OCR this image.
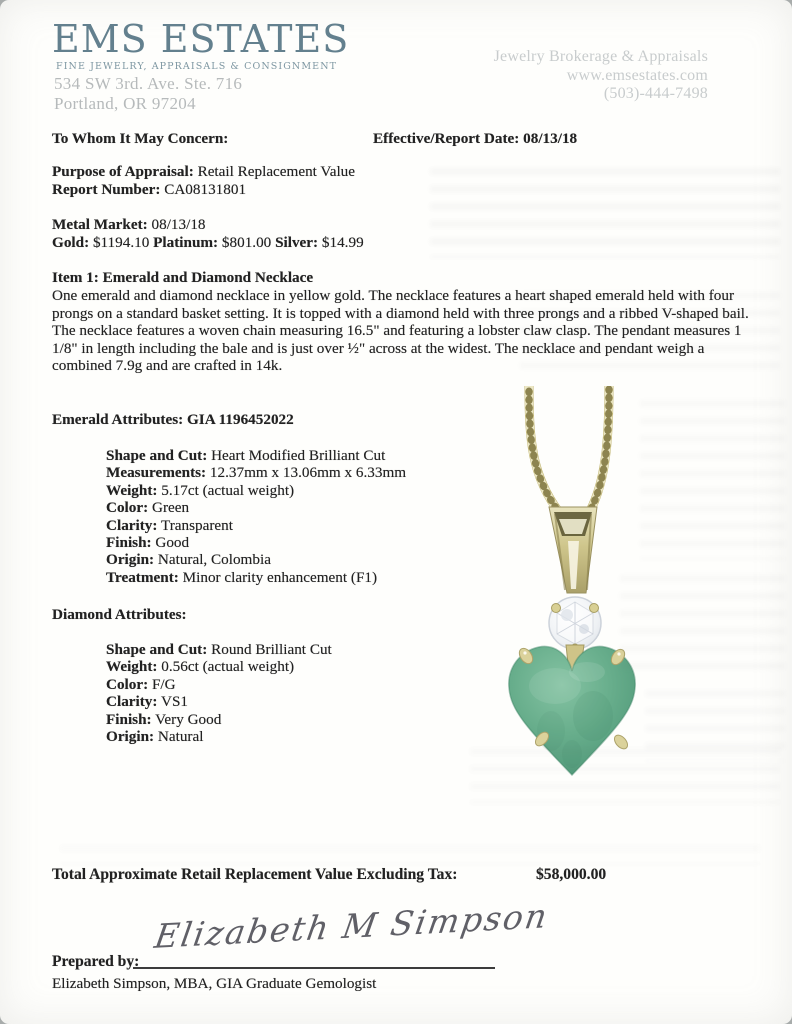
EMS ESTATES
FINE JEWELRY, APPRAISALS & CONSIGNMENT
534 SW 3rd. Ave. Ste. 716
Portland, OR 97204
Jewelry Brokerage & Appraisals
www.emsestates.com
(503)-444-7498
To Whom It May Concern:	Effective/Report Date: 08/13/18
Purpose of Appraisal: Retail Replacement Value
Report Number: CA08131801
Metal Market: 08/13/18
Gold: $1194.10 Platinum: $801.00 Silver: $14.99
Item 1: Emerald and Diamond Necklace
One emerald and diamond necklace in yellow gold. The necklace features a heart shaped emerald held with four prongs on a standard basket setting. It is topped with a diamond held with three prongs and a ribbed V-shaped bail. The necklace features a woven chain measuring 16.5" and featuring a lobster claw clasp. The pendant measures 1 1/8" in length including the bale and is just over ½" across at the widest. The necklace and pendant weigh a combined 7.9g and are crafted in 14k.
Emerald Attributes: GIA 1196452022
Shape and Cut: Heart Modified Brilliant Cut
Measurements: 12.37mm x 13.06mm x 6.33mm
Weight: 5.17ct (actual weight)
Color: Green
Clarity: Transparent
Finish: Good
Origin: Natural, Colombia
Treatment: Minor clarity enhancement (F1)
Diamond Attributes:
Shape and Cut: Round Brilliant Cut
Weight: 0.56ct (actual weight)
Color: F/G
Clarity: VS1
Finish: Very Good
Origin: Natural
Total Approximate Retail Replacement Value Excluding Tax:	$58,000.00
Prepared by:
Elizabeth M Simpson
Elizabeth Simpson, MBA, GIA Graduate Gemologist
